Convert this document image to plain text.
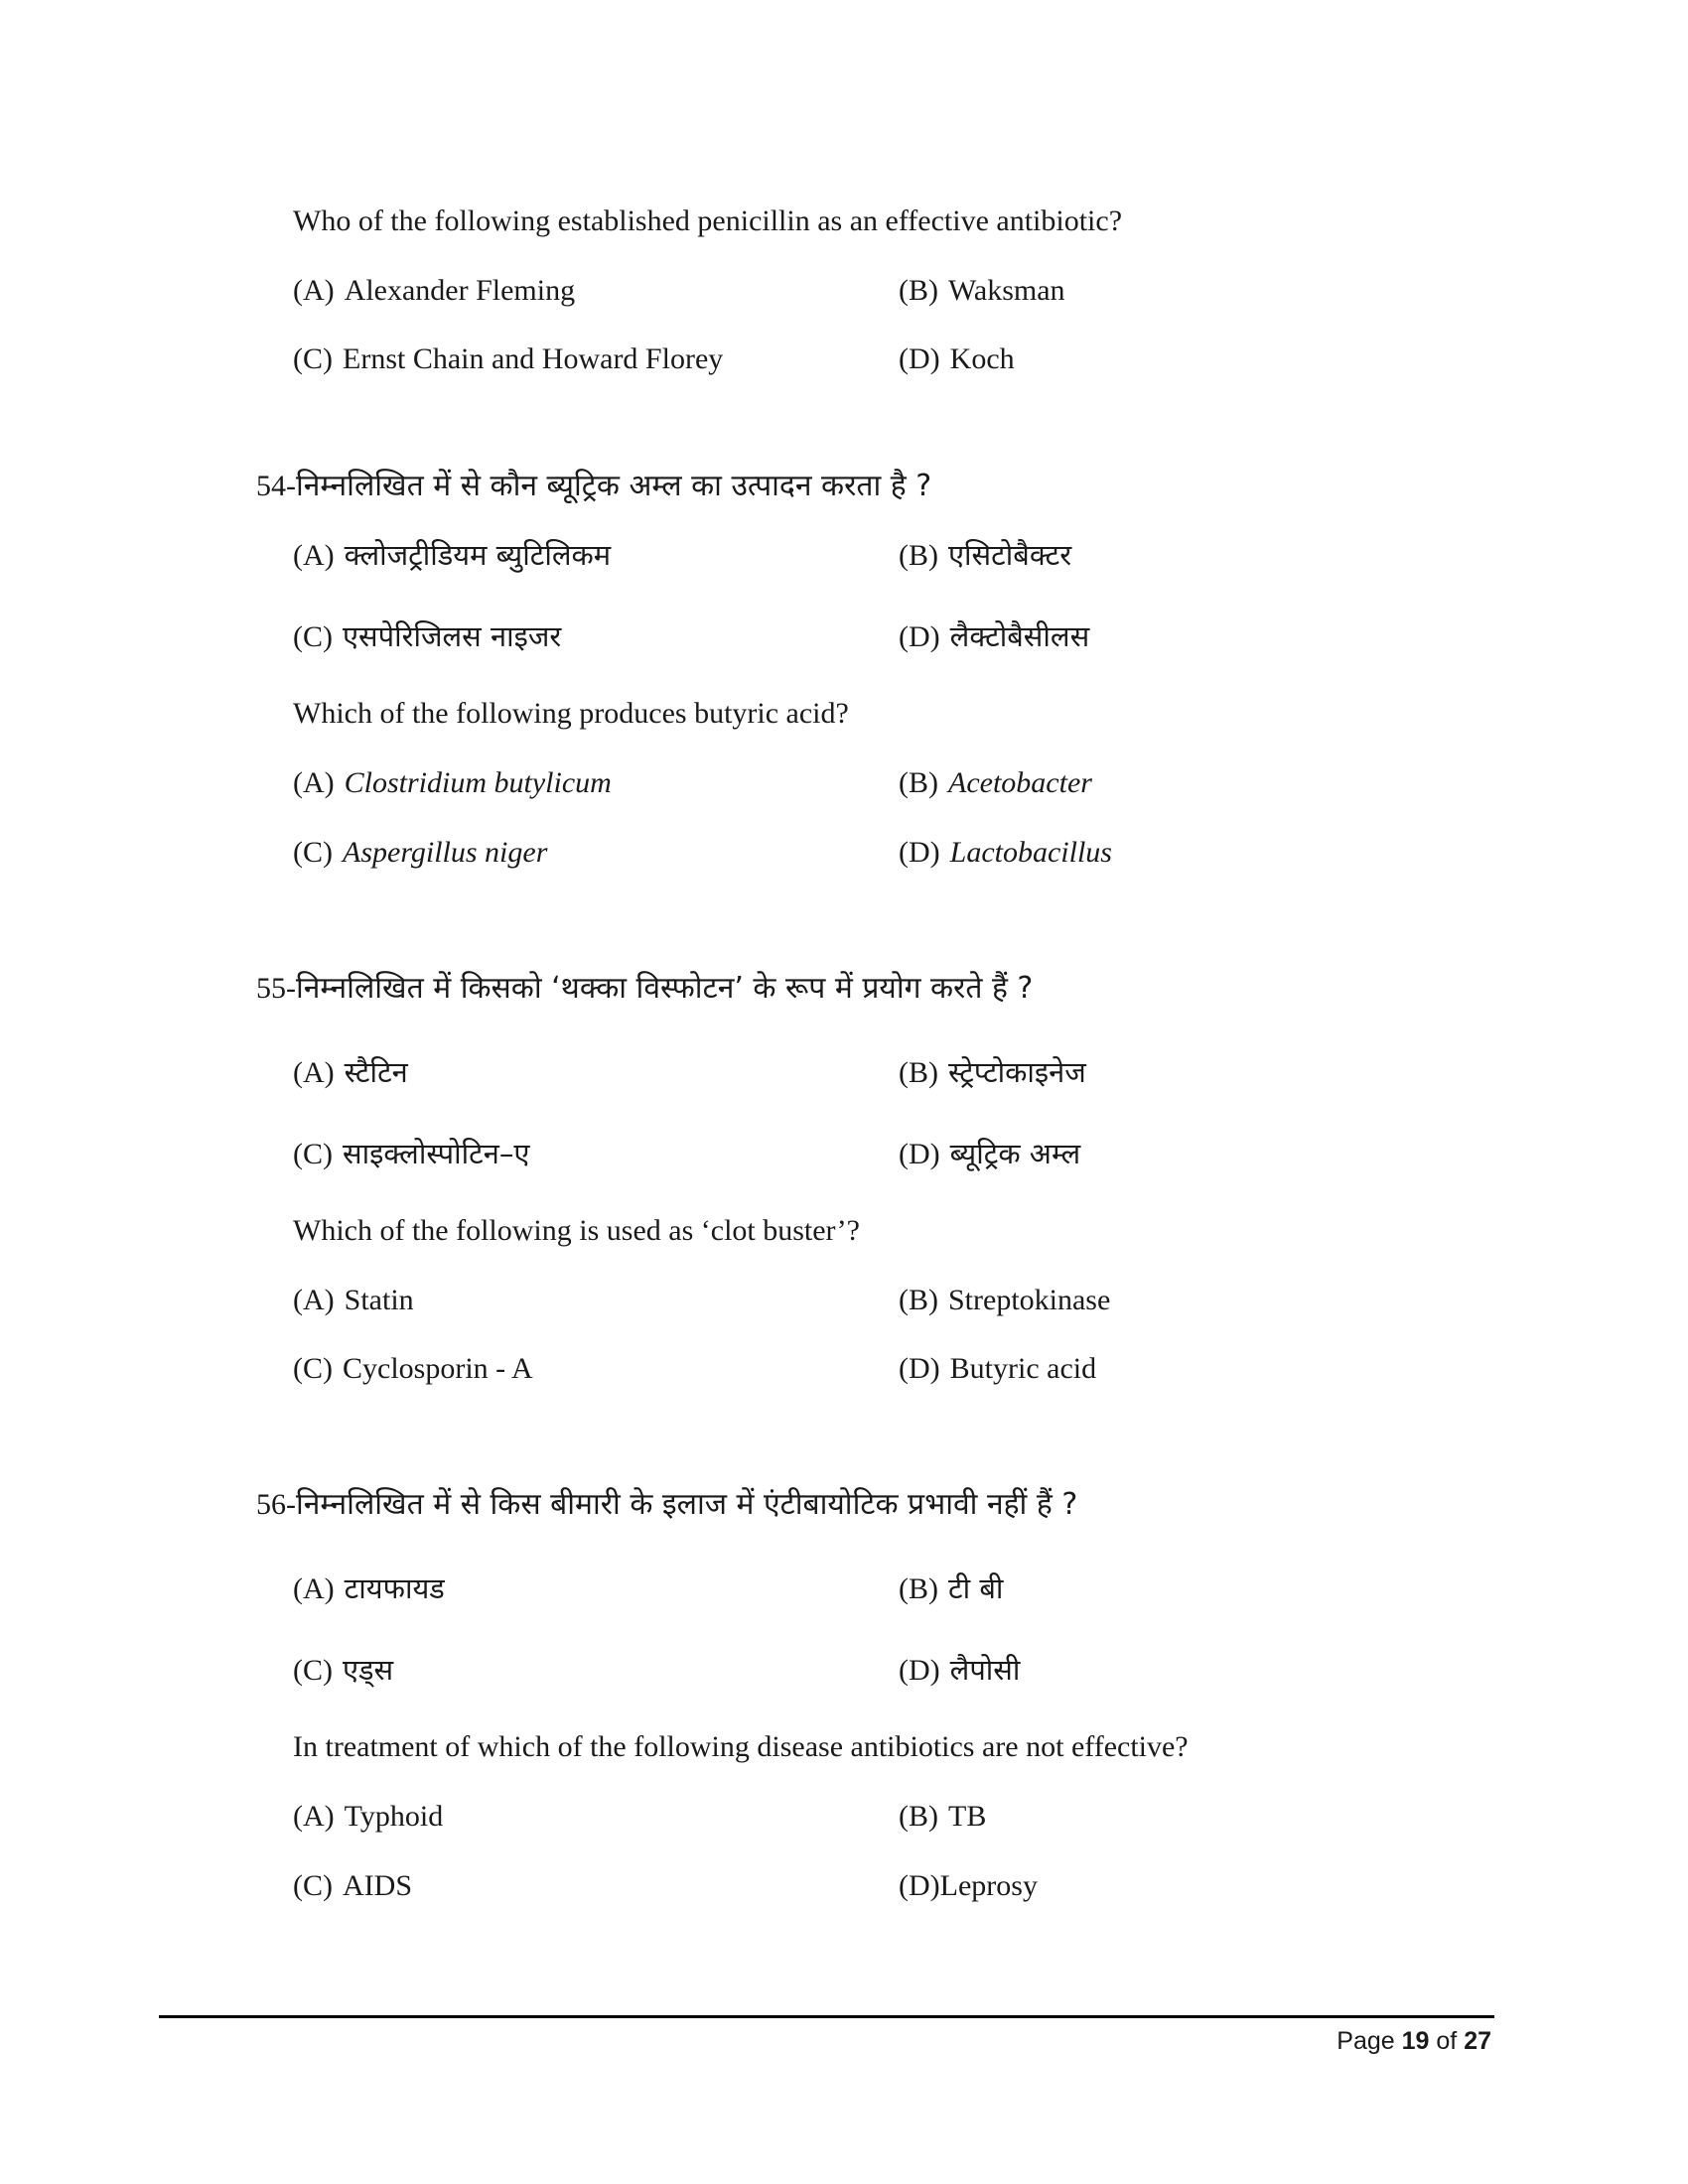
Who of the following established penicillin as an effective antibiotic?
(A) Alexander Fleming	(B) Waksman
(C) Ernst Chain and Howard Florey	(D) Koch
54-निम्नलिखित में से कौन ब्यूट्रिक अम्ल का उत्पादन करता है ?
(A) क्लोजट्रीडियम ब्युटिलिकम	(B) एसिटोबैक्टर
(C) एसपेरिजिलस नाइजर	(D) लैक्टोबैसीलस
Which of the following produces butyric acid?
(A) Clostridium butylicum	(B) Acetobacter
(C) Aspergillus niger	(D) Lactobacillus
55-निम्नलिखित में किसको ‘थक्का विस्फोटन’ के रूप में प्रयोग करते हैं ?
(A) स्टैटिन	(B) स्ट्रेप्टोकाइनेज
(C) साइक्लोस्पोटिन–ए	(D) ब्यूट्रिक अम्ल
Which of the following is used as ‘clot buster’?
(A) Statin	(B) Streptokinase
(C) Cyclosporin - A	(D) Butyric acid
56-निम्नलिखित में से किस बीमारी के इलाज में एंटीबायोटिक प्रभावी नहीं हैं ?
(A) टायफायड	(B) टी बी
(C) एड्स	(D) लैपोसी
In treatment of which of the following disease antibiotics are not effective?
(A) Typhoid	(B) TB
(C) AIDS	(D)Leprosy
Page 19 of 27
